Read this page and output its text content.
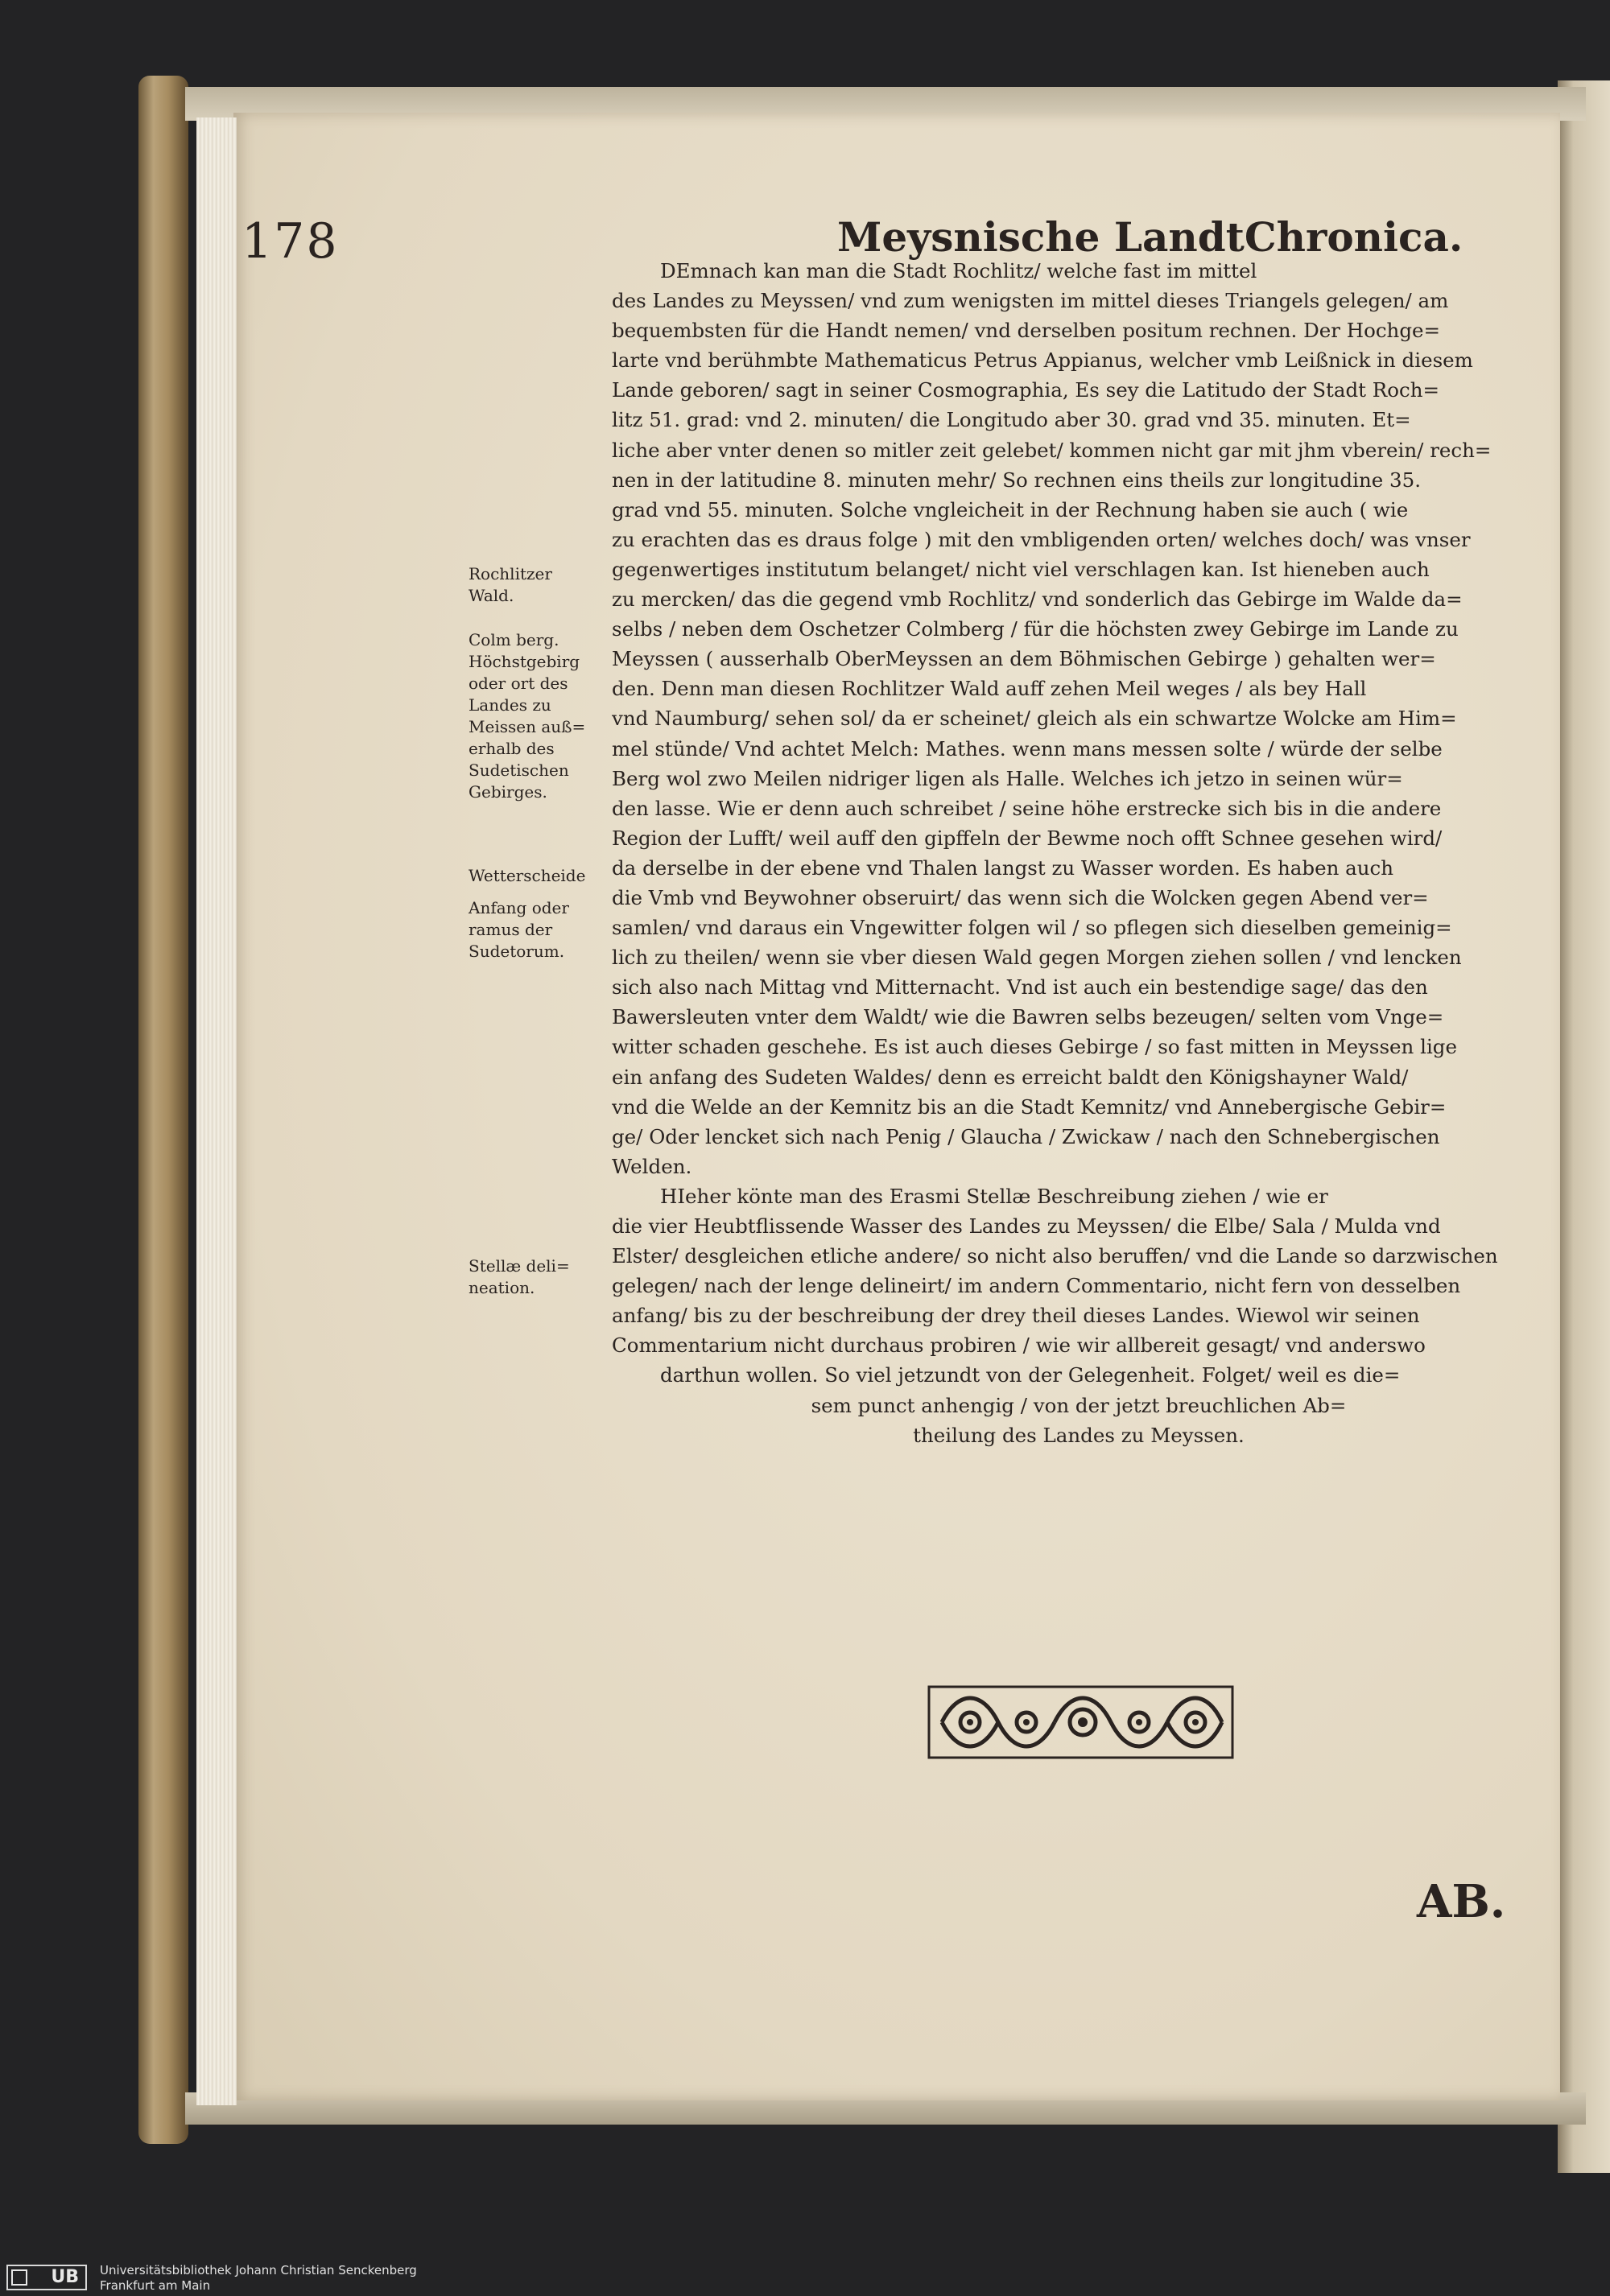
178	Meysnische LandtChronica.
DEmnach kan man die Stadt Rochlitz/ welche fast im mittel
des Landes zu Meyssen/ vnd zum wenigsten im mittel dieses Triangels gelegen/ am
bequembsten für die Handt nemen/ vnd derselben positum rechnen. Der Hochge=
larte vnd berühmbte Mathematicus Petrus Appianus, welcher vmb Leißnick in diesem
Lande geboren/ sagt in seiner Cosmographia, Es sey die Latitudo der Stadt Roch=
litz 51. grad: vnd 2. minuten/ die Longitudo aber 30. grad vnd 35. minuten. Et=
liche aber vnter denen so mitler zeit gelebet/ kommen nicht gar mit jhm vberein/ rech=
nen in der latitudine 8. minuten mehr/ So rechnen eins theils zur longitudine 35.
grad vnd 55. minuten. Solche vngleicheit in der Rechnung haben sie auch ( wie
zu erachten das es draus folge ) mit den vmbligenden orten/ welches doch/ was vnser
gegenwertiges institutum belanget/ nicht viel verschlagen kan. Ist hieneben auch
zu mercken/ das die gegend vmb Rochlitz/ vnd sonderlich das Gebirge im Walde da=
selbs / neben dem Oschetzer Colmberg / für die höchsten zwey Gebirge im Lande zu
Meyssen ( ausserhalb OberMeyssen an dem Böhmischen Gebirge ) gehalten wer=
den. Denn man diesen Rochlitzer Wald auff zehen Meil weges / als bey Hall
vnd Naumburg/ sehen sol/ da er scheinet/ gleich als ein schwartze Wolcke am Him=
mel stünde/ Vnd achtet Melch: Mathes. wenn mans messen solte / würde der selbe
Berg wol zwo Meilen nidriger ligen als Halle. Welches ich jetzo in seinen wür=
den lasse. Wie er denn auch schreibet / seine höhe erstrecke sich bis in die andere
Region der Lufft/ weil auff den gipffeln der Bewme noch offt Schnee gesehen wird/
da derselbe in der ebene vnd Thalen langst zu Wasser worden. Es haben auch
die Vmb vnd Beywohner obseruirt/ das wenn sich die Wolcken gegen Abend ver=
samlen/ vnd daraus ein Vngewitter folgen wil / so pflegen sich dieselben gemeinig=
lich zu theilen/ wenn sie vber diesen Wald gegen Morgen ziehen sollen / vnd lencken
sich also nach Mittag vnd Mitternacht. Vnd ist auch ein bestendige sage/ das den
Bawersleuten vnter dem Waldt/ wie die Bawren selbs bezeugen/ selten vom Vnge=
witter schaden geschehe. Es ist auch dieses Gebirge / so fast mitten in Meyssen lige
ein anfang des Sudeten Waldes/ denn es erreicht baldt den Königshayner Wald/
vnd die Welde an der Kemnitz bis an die Stadt Kemnitz/ vnd Annebergische Gebir=
ge/ Oder lencket sich nach Penig / Glaucha / Zwickaw / nach den Schnebergischen
Welden.
HIeher könte man des Erasmi Stellæ Beschreibung ziehen / wie er
die vier Heubtflissende Wasser des Landes zu Meyssen/ die Elbe/ Sala / Mulda vnd
Elster/ desgleichen etliche andere/ so nicht also beruffen/ vnd die Lande so darzwischen
gelegen/ nach der lenge delineirt/ im andern Commentario, nicht fern von desselben
anfang/ bis zu der beschreibung der drey theil dieses Landes. Wiewol wir seinen
Commentarium nicht durchaus probiren / wie wir allbereit gesagt/ vnd anderswo
darthun wollen. So viel jetzundt von der Gelegenheit. Folget/ weil es die=
sem punct anhengig / von der jetzt breuchlichen Ab=
theilung des Landes zu Meyssen.
Rochlitzer
Wald.
Colm berg.
Höchstgebirg
oder ort des
Landes zu
Meissen auß=
erhalb des
Sudetischen
Gebirges.
Wetterscheide
Anfang oder
ramus der
Sudetorum.
Stellæ deli=
neation.
AB.
UB	Universitätsbibliothek Johann Christian Senckenberg
Frankfurt am Main
